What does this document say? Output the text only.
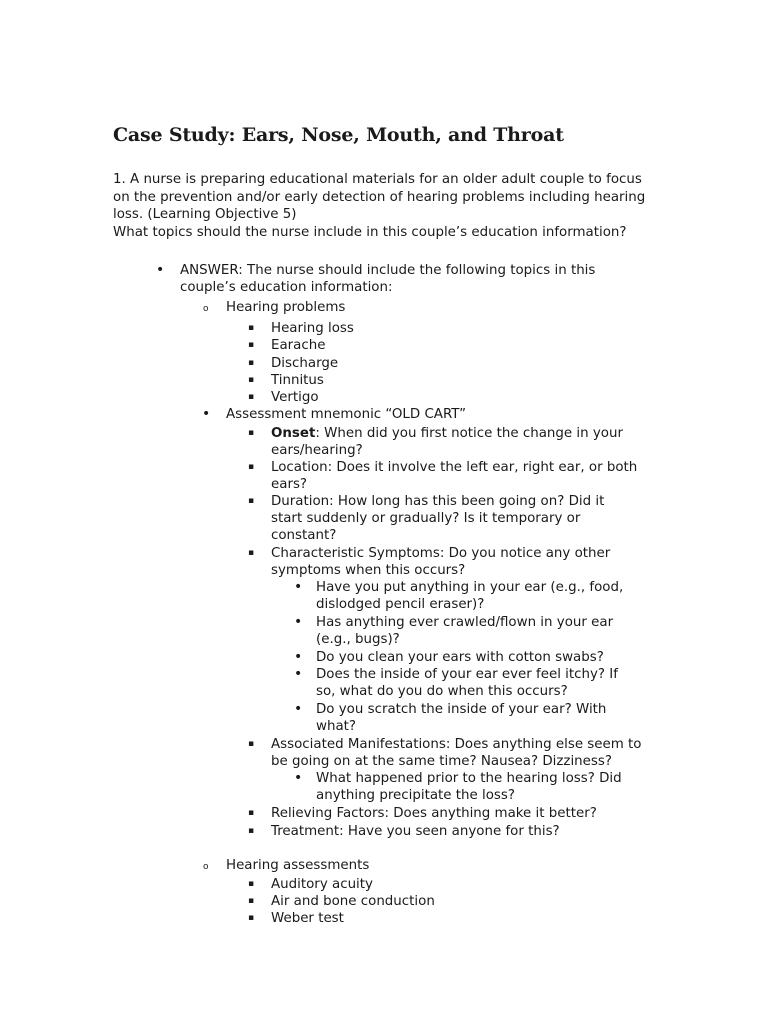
Case Study: Ears, Nose, Mouth, and Throat

1. A nurse is preparing educational materials for an older adult couple to focus on the prevention and/or early detection of hearing problems including hearing loss. (Learning Objective 5)

What topics should the nurse include in this couple’s education information?

• ANSWER: The nurse should include the following topics in this
couple’s education information:
o Hearing problems
▪ Hearing loss
▪ Earache
▪ Discharge
▪ Tinnitus
▪ Vertigo
• Assessment mnemonic “OLD CART”
▪ Onset: When did you first notice the change in your
ears/hearing?
▪ Location: Does it involve the left ear, right ear, or both
ears?
▪ Duration: How long has this been going on? Did it
start suddenly or gradually? Is it temporary or
constant?
▪ Characteristic Symptoms: Do you notice any other
symptoms when this occurs?
• Have you put anything in your ear (e.g., food,
dislodged pencil eraser)?
• Has anything ever crawled/flown in your ear
(e.g., bugs)?
• Do you clean your ears with cotton swabs?
• Does the inside of your ear ever feel itchy? If
so, what do you do when this occurs?
• Do you scratch the inside of your ear? With
what?
▪ Associated Manifestations: Does anything else seem to
be going on at the same time? Nausea? Dizziness?
• What happened prior to the hearing loss? Did
anything precipitate the loss?
▪ Relieving Factors: Does anything make it better?
▪ Treatment: Have you seen anyone for this?
o Hearing assessments
▪ Auditory acuity
▪ Air and bone conduction
▪ Weber test
